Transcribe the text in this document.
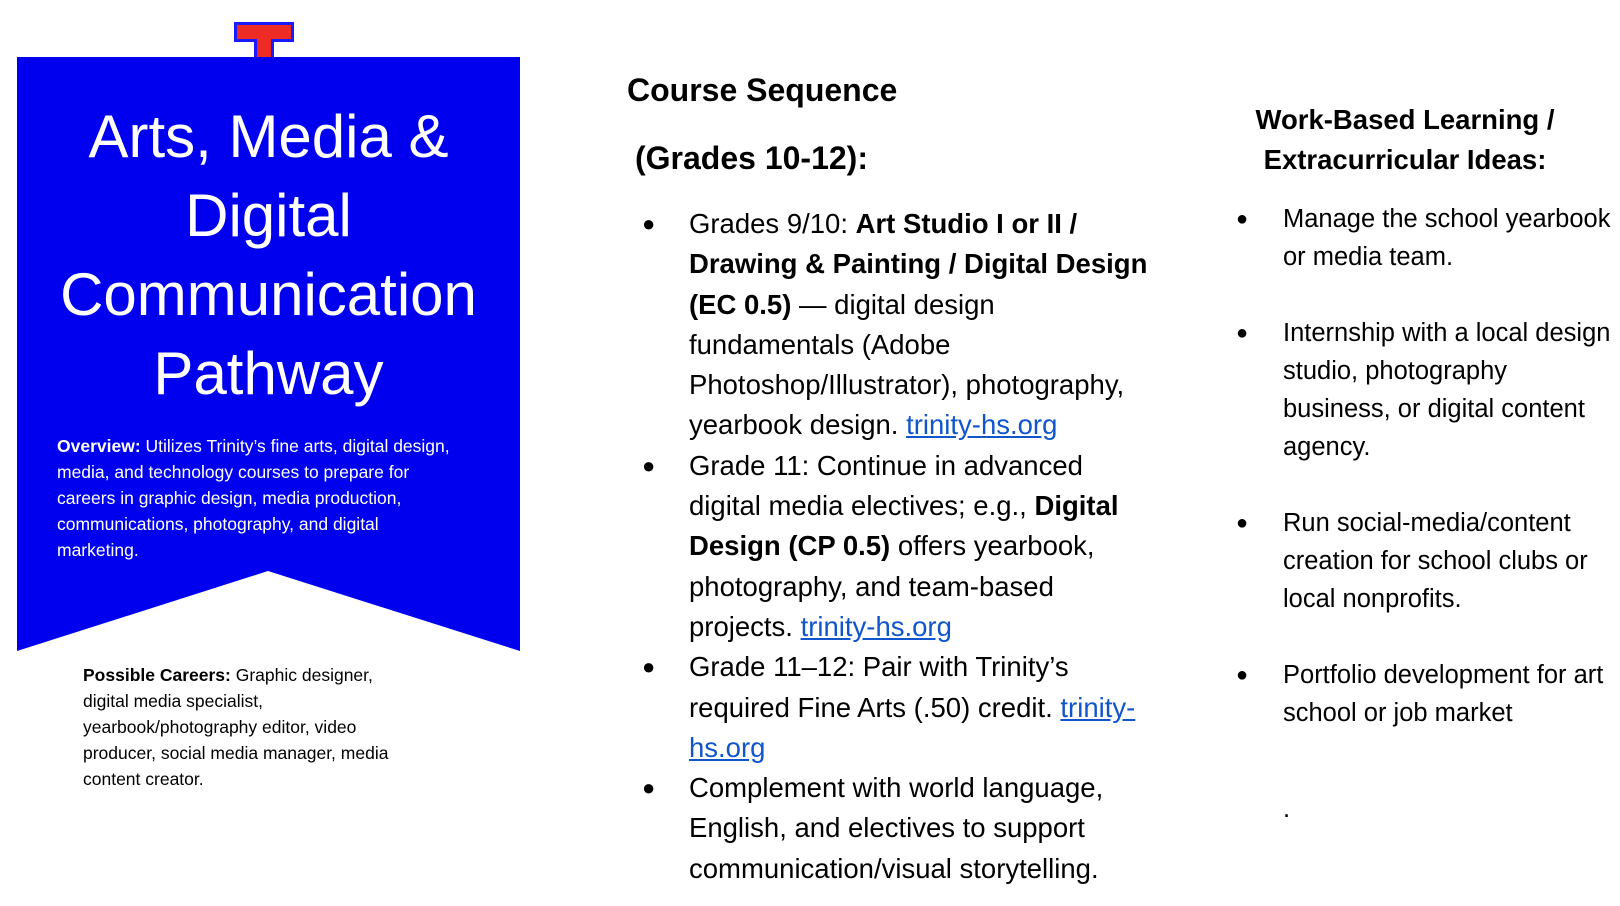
Arts, Media &
Digital
Communication
Pathway

Overview: Utilizes Trinity’s fine arts, digital design, media, and technology courses to prepare for careers in graphic design, media production, communications, photography, and digital marketing.

Possible Careers: Graphic designer, digital media specialist, yearbook/photography editor, video producer, social media manager, media content creator.

Course Sequence
(Grades 10-12):
● Grades 9/10: Art Studio I or II / Drawing & Painting / Digital Design (EC 0.5) — digital design fundamentals (Adobe Photoshop/Illustrator), photography, yearbook design. trinity-hs.org
● Grade 11: Continue in advanced digital media electives; e.g., Digital Design (CP 0.5) offers yearbook, photography, and team-based projects. trinity-hs.org
● Grade 11–12: Pair with Trinity’s required Fine Arts (.50) credit. trinity-hs.org
● Complement with world language, English, and electives to support communication/visual storytelling.
Work-Based Learning /
Extracurricular Ideas:
● Manage the school yearbook or media team.
● Internship with a local design studio, photography business, or digital content agency.
● Run social-media/content creation for school clubs or local nonprofits.
● Portfolio development for art school or job market

.
